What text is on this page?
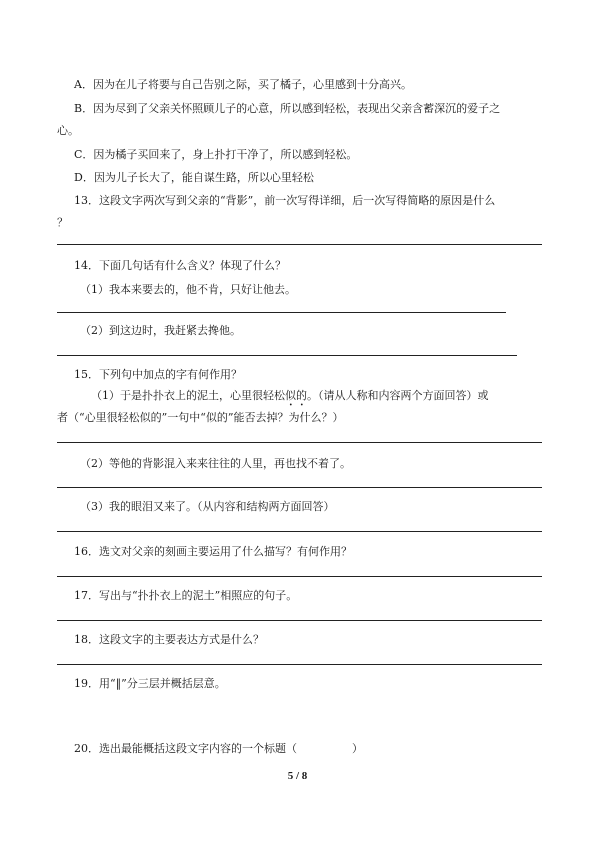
A．因为在儿子将要与自己告别之际，买了橘子，心里感到十分高兴。
B．因为尽到了父亲关怀照顾儿子的心意，所以感到轻松，表现出父亲含蓄深沉的爱子之
心。
C．因为橘子买回来了，身上扑打干净了，所以感到轻松。
D．因为儿子长大了，能自谋生路，所以心里轻松
13．这段文字两次写到父亲的“背影”，前一次写得详细，后一次写得简略的原因是什么
？
14．下面几句话有什么含义？体现了什么？
（1）我本来要去的，他不肯，只好让他去。
（2）到这边时，我赶紧去搀他。
15．下列句中加点的字有何作用？
（1）于是扑扑衣上的泥土，心里很轻松似的。（请从人称和内容两个方面回答）或
者（“心里很轻松似的”一句中“似的”能否去掉？为什么？）
（2）等他的背影混入来来往往的人里，再也找不着了。
（3）我的眼泪又来了。（从内容和结构两方面回答）
16．选文对父亲的刻画主要运用了什么描写？有何作用？
17．写出与“扑扑衣上的泥土”相照应的句子。
18．这段文字的主要表达方式是什么？
19．用“‖”分三层并概括层意。
20．选出最能概括这段文字内容的一个标题（　　　　　）
5 / 8
